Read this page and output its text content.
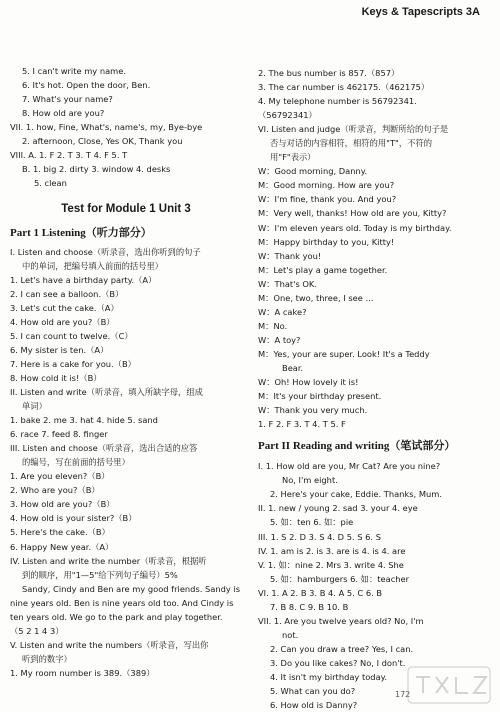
Keys & Tapescripts 3A
5. I can't write my name.
6. It's hot. Open the door, Ben.
7. What's your name?
8. How old are you?
VII. 1. how, Fine, What's, name's, my, Bye-bye
2. afternoon, Close, Yes OK, Thank you
VIII. A. 1. F 2. T 3. T 4. F 5. T
B. 1. big 2. dirty 3. window 4. desks
5. clean
Test for Module 1 Unit 3
Part 1 Listening（听力部分）
I. Listen and choose（听录音，选出你听到的句子
中的单词，把编号填入前面的括号里）
1. Let's have a birthday party.（A）
2. I can see a balloon.（B）
3. Let's cut the cake.（A）
4. How old are you?（B）
5. I can count to twelve.（C）
6. My sister is ten.（A）
7. Here is a cake for you.（B）
8. How cold it is!（B）
II. Listen and write（听录音，填入所缺字母，组成
单词）
1. bake 2. me 3. hat 4. hide 5. sand
6. race 7. feed 8. finger
III. Listen and choose（听录音，选出合适的应答
的编号，写在前面的括号里）
1. Are you eleven?（B）
2. Who are you?（B）
3. How old are you?（B）
4. How old is your sister?（B）
5. Here's the cake.（B）
6. Happy New year.（A）
IV. Listen and write the number（听录音，根据听
到的顺序，用"1—5"给下列句子编号）5%
Sandy, Cindy and Ben are my good friends. Sandy is nine years old. Ben is nine years old too. And Cindy is ten years old. We go to the park and play together.
（5 2 1 4 3）
V. Listen and write the numbers（听录音，写出你
听到的数字）
1. My room number is 389.（389）
2. The bus number is 857.（857）
3. The car number is 462175.（462175）
4. My telephone number is 56792341.
（56792341）
VI. Listen and judge（听录音，判断所给的句子是
否与对话的内容相符，相符的用"T"，不符的
用"F"表示）
W：Good morning, Danny.
M：Good morning. How are you?
W：I'm fine, thank you. And you?
M：Very well, thanks! How old are you, Kitty?
W：I'm eleven years old. Today is my birthday.
M：Happy birthday to you, Kitty!
W：Thank you!
M：Let's play a game together.
W：That's OK.
M：One, two, three, I see ...
W：A cake?
M：No.
W：A toy?
M：Yes, your are super. Look! It's a Teddy
Bear.
W：Oh! How lovely it is!
M：It's your birthday present.
W：Thank you very much.
1. F 2. F 3. T 4. T 5. F
Part II Reading and writing（笔试部分）
I. 1. How old are you, Mr Cat? Are you nine?
No, I'm eight.
2. Here's your cake, Eddie. Thanks, Mum.
II. 1. new / young 2. sad 3. your 4. eye
5. 如：ten 6. 如：pie
III. 1. S 2. D 3. S 4. D 5. S 6. S
IV. 1. am is 2. is 3. are is 4. is 4. are
V. 1. 如：nine 2. Mrs 3. write 4. She
5. 如：hamburgers 6. 如：teacher
VI. 1. A 2. B 3. B 4. A 5. C 6. B
7. B 8. C 9. B 10. B
VII. 1. Are you twelve years old? No, I'm
not.
2. Can you draw a tree? Yes, I can.
3. Do you like cakes? No, I don't.
4. It isn't my birthday today.
5. What can you do?
6. How old is Danny?
172
